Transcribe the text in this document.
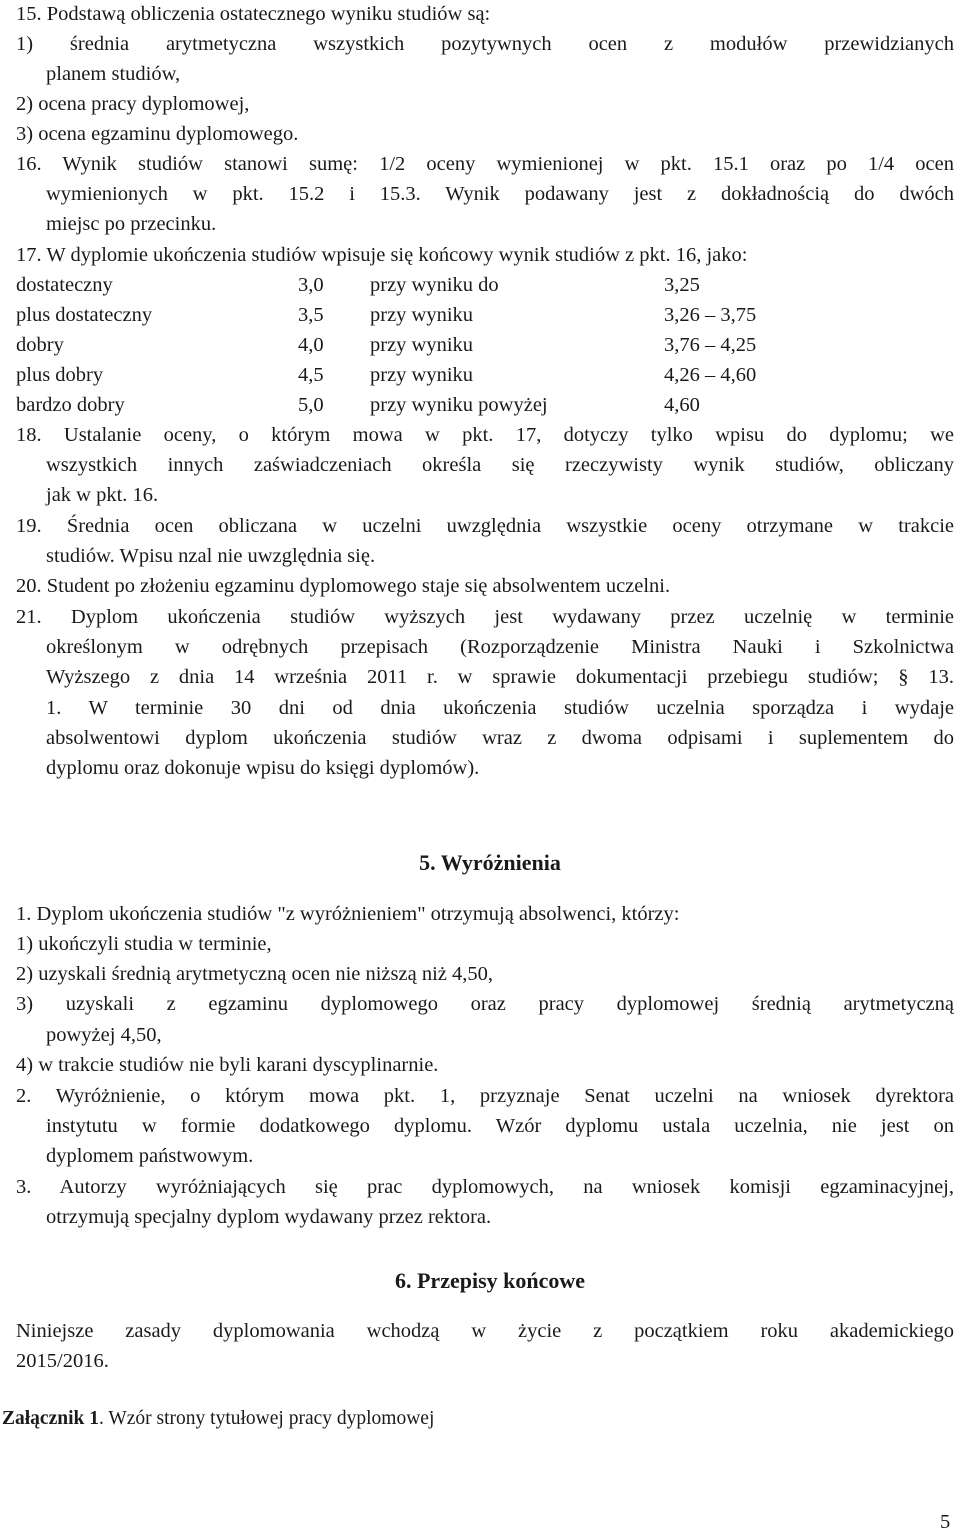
15. Podstawą obliczenia ostatecznego wyniku studiów są:
1) średnia arytmetyczna wszystkich pozytywnych ocen z modułów przewidzianych
planem studiów,
2) ocena pracy dyplomowej,
3) ocena egzaminu dyplomowego.
16. Wynik studiów stanowi sumę: 1/2 oceny wymienionej w pkt. 15.1 oraz po 1/4 ocen
wymienionych w pkt. 15.2 i 15.3. Wynik podawany jest z dokładnością do dwóch
miejsc po przecinku.
17. W dyplomie ukończenia studiów wpisuje się końcowy wynik studiów z pkt. 16, jako:
dostateczny	3,0 przy wyniku do	3,25
plus dostateczny	3,5 przy wyniku	3,26 – 3,75
dobry	4,0 przy wyniku	3,76 – 4,25
plus dobry	4,5 przy wyniku	4,26 – 4,60
bardzo dobry	5,0 przy wyniku powyżej	4,60
18. Ustalanie oceny, o którym mowa w pkt. 17, dotyczy tylko wpisu do dyplomu; we
wszystkich innych zaświadczeniach określa się rzeczywisty wynik studiów, obliczany
jak w pkt. 16.
19. Średnia ocen obliczana w uczelni uwzględnia wszystkie oceny otrzymane w trakcie
studiów. Wpisu nzal nie uwzględnia się.
20. Student po złożeniu egzaminu dyplomowego staje się absolwentem uczelni.
21. Dyplom ukończenia studiów wyższych jest wydawany przez uczelnię w terminie
określonym w odrębnych przepisach (Rozporządzenie Ministra Nauki i Szkolnictwa
Wyższego z dnia 14 września 2011 r. w sprawie dokumentacji przebiegu studiów; § 13.
1. W terminie 30 dni od dnia ukończenia studiów uczelnia sporządza i wydaje
absolwentowi dyplom ukończenia studiów wraz z dwoma odpisami i suplementem do
dyplomu oraz dokonuje wpisu do księgi dyplomów).
5. Wyróżnienia
1. Dyplom ukończenia studiów "z wyróżnieniem" otrzymują absolwenci, którzy:
1) ukończyli studia w terminie,
2) uzyskali średnią arytmetyczną ocen nie niższą niż 4,50,
3) uzyskali z egzaminu dyplomowego oraz pracy dyplomowej średnią arytmetyczną
powyżej 4,50,
4) w trakcie studiów nie byli karani dyscyplinarnie.
2. Wyróżnienie, o którym mowa pkt. 1, przyznaje Senat uczelni na wniosek dyrektora
instytutu w formie dodatkowego dyplomu. Wzór dyplomu ustala uczelnia, nie jest on
dyplomem państwowym.
3. Autorzy wyróżniających się prac dyplomowych, na wniosek komisji egzaminacyjnej,
otrzymują specjalny dyplom wydawany przez rektora.
6. Przepisy końcowe
Niniejsze zasady dyplomowania wchodzą w życie z początkiem roku akademickiego
2015/2016.
Załącznik 1. Wzór strony tytułowej pracy dyplomowej
5
